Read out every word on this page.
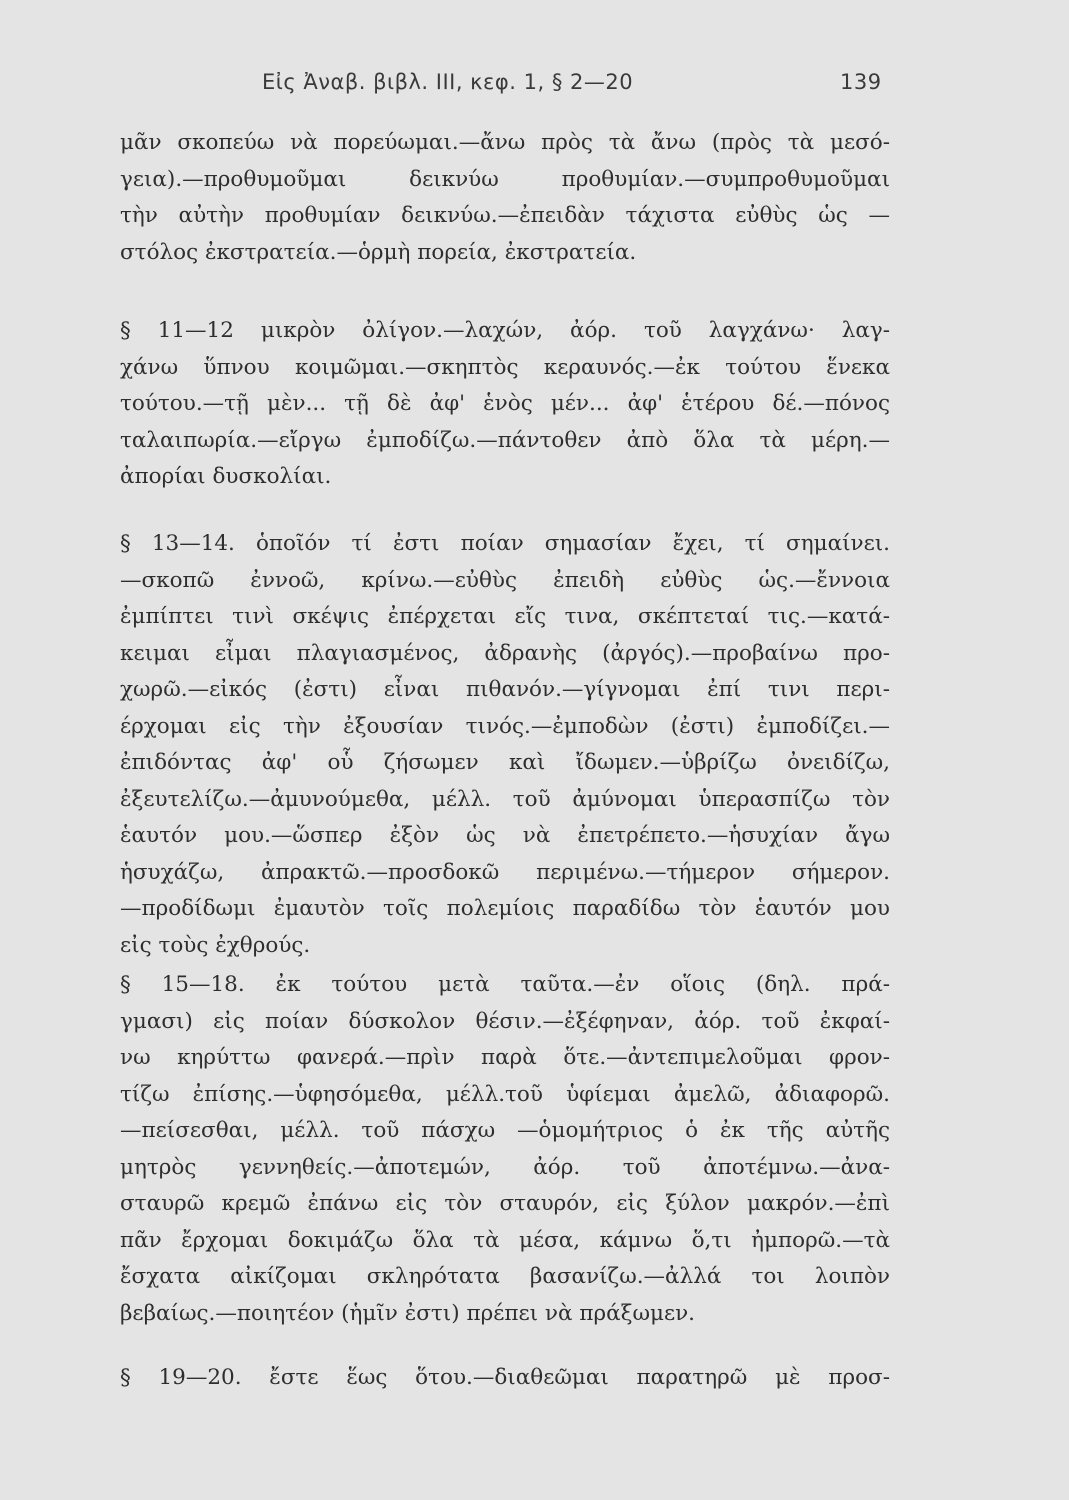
Εἰς Ἀναβ. βιβλ. ΙΙΙ, κεφ. 1, § 2—20	139
μᾶν σκοπεύω νὰ πορεύωμαι.—ἄνω πρὸς τὰ ἄνω (πρὸς τὰ μεσό-
γεια).—προθυμοῦμαι δεικνύω προθυμίαν.—συμπροθυμοῦμαι
τὴν αὐτὴν προθυμίαν δεικνύω.—ἐπειδὰν τάχιστα εὐθὺς ὡς —
στόλος ἐκστρατεία.—ὁρμὴ πορεία, ἐκστρατεία.
§ 11—12 μικρὸν ὀλίγον.—λαχών, ἀόρ. τοῦ λαγχάνω· λαγ-
χάνω ὕπνου κοιμῶμαι.—σκηπτὸς κεραυνός.—ἐκ τούτου ἕνεκα
τούτου.—τῇ μὲν... τῇ δὲ ἀφ' ἑνὸς μέν... ἀφ' ἑτέρου δέ.—πόνος
ταλαιπωρία.—εἴργω ἐμποδίζω.—πάντοθεν ἀπὸ ὅλα τὰ μέρη.—
ἀπορίαι δυσκολίαι.
§ 13—14. ὁποῖόν τί ἐστι ποίαν σημασίαν ἔχει, τί σημαίνει.
—σκοπῶ ἐννοῶ, κρίνω.—εὐθὺς ἐπειδὴ εὐθὺς ὡς.—ἔννοια
ἐμπίπτει τινὶ σκέψις ἐπέρχεται εἴς τινα, σκέπτεταί τις.—κατά-
κειμαι εἶμαι πλαγιασμένος, ἀδρανὴς (ἀργός).—προβαίνω προ-
χωρῶ.—εἰκός (ἐστι) εἶναι πιθανόν.—γίγνομαι ἐπί τινι περι-
έρχομαι εἰς τὴν ἐξουσίαν τινός.—ἐμποδὼν (ἐστι) ἐμποδίζει.—
ἐπιδόντας ἀφ' οὗ ζήσωμεν καὶ ἴδωμεν.—ὑβρίζω ὀνειδίζω,
ἐξευτελίζω.—ἀμυνούμεθα, μέλλ. τοῦ ἀμύνομαι ὑπερασπίζω τὸν
ἑαυτόν μου.—ὥσπερ ἐξὸν ὡς νὰ ἐπετρέπετο.—ἡσυχίαν ἄγω
ἡσυχάζω, ἀπρακτῶ.—προσδοκῶ περιμένω.—τήμερον σήμερον.
—προδίδωμι ἐμαυτὸν τοῖς πολεμίοις παραδίδω τὸν ἑαυτόν μου
εἰς τοὺς ἐχθρούς.
§ 15—18. ἐκ τούτου μετὰ ταῦτα.—ἐν οἵοις (δηλ. πρά-
γμασι) εἰς ποίαν δύσκολον θέσιν.—ἐξέφηναν, ἀόρ. τοῦ ἐκφαί-
νω κηρύττω φανερά.—πρὶν παρὰ ὅτε.—ἀντεπιμελοῦμαι φρον-
τίζω ἐπίσης.—ὑφησόμεθα, μέλλ.τοῦ ὑφίεμαι ἀμελῶ, ἀδιαφορῶ.
—πείσεσθαι, μέλλ. τοῦ πάσχω —ὁμομήτριος ὁ ἐκ τῆς αὐτῆς
μητρὸς γεννηθείς.—ἀποτεμών, ἀόρ. τοῦ ἀποτέμνω.—ἀνα-
σταυρῶ κρεμῶ ἐπάνω εἰς τὸν σταυρόν, εἰς ξύλον μακρόν.—ἐπὶ
πᾶν ἔρχομαι δοκιμάζω ὅλα τὰ μέσα, κάμνω ὅ,τι ἠμπορῶ.—τὰ
ἔσχατα αἰκίζομαι σκληρότατα βασανίζω.—ἀλλά τοι λοιπὸν
βεβαίως.—ποιητέον (ἡμῖν ἐστι) πρέπει νὰ πράξωμεν.
§ 19—20. ἔστε ἕως ὅτου.—διαθεῶμαι παρατηρῶ μὲ προσ-
